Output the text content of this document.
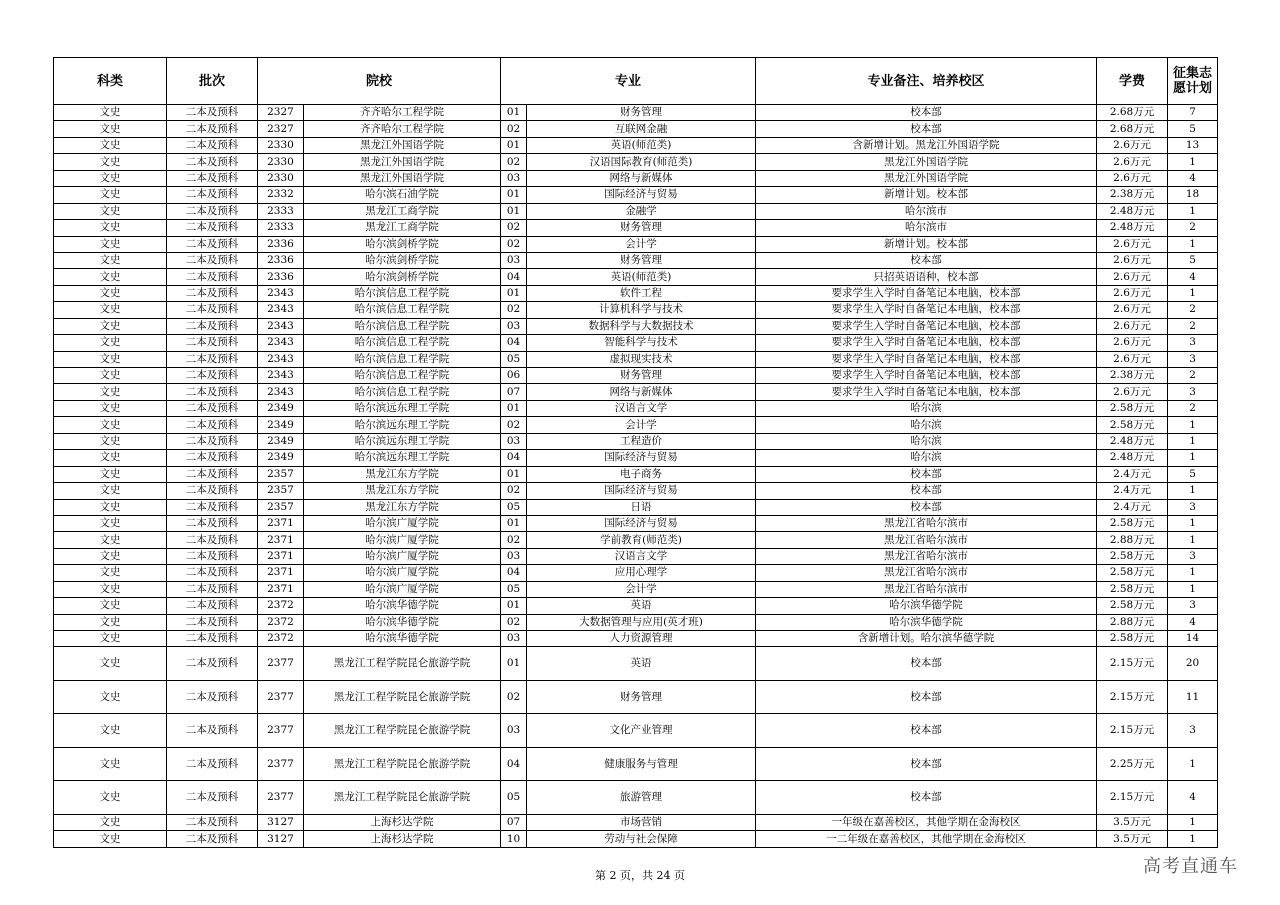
科类	批次	院校		专业		专业备注、培养校区	学费	征集志愿计划
文史	二本及预科	2327	齐齐哈尔工程学院	01	财务管理	校本部	2.68万元	7
文史	二本及预科	2327	齐齐哈尔工程学院	02	互联网金融	校本部	2.68万元	5
文史	二本及预科	2330	黑龙江外国语学院	01	英语(师范类)	含新增计划。黑龙江外国语学院	2.6万元	13
文史	二本及预科	2330	黑龙江外国语学院	02	汉语国际教育(师范类)	黑龙江外国语学院	2.6万元	1
文史	二本及预科	2330	黑龙江外国语学院	03	网络与新媒体	黑龙江外国语学院	2.6万元	4
文史	二本及预科	2332	哈尔滨石油学院	01	国际经济与贸易	新增计划。校本部	2.38万元	18
文史	二本及预科	2333	黑龙江工商学院	01	金融学	哈尔滨市	2.48万元	1
文史	二本及预科	2333	黑龙江工商学院	02	财务管理	哈尔滨市	2.48万元	2
文史	二本及预科	2336	哈尔滨剑桥学院	02	会计学	新增计划。校本部	2.6万元	1
文史	二本及预科	2336	哈尔滨剑桥学院	03	财务管理	校本部	2.6万元	5
文史	二本及预科	2336	哈尔滨剑桥学院	04	英语(师范类)	只招英语语种，校本部	2.6万元	4
文史	二本及预科	2343	哈尔滨信息工程学院	01	软件工程	要求学生入学时自备笔记本电脑，校本部	2.6万元	1
文史	二本及预科	2343	哈尔滨信息工程学院	02	计算机科学与技术	要求学生入学时自备笔记本电脑，校本部	2.6万元	2
文史	二本及预科	2343	哈尔滨信息工程学院	03	数据科学与大数据技术	要求学生入学时自备笔记本电脑，校本部	2.6万元	2
文史	二本及预科	2343	哈尔滨信息工程学院	04	智能科学与技术	要求学生入学时自备笔记本电脑，校本部	2.6万元	3
文史	二本及预科	2343	哈尔滨信息工程学院	05	虚拟现实技术	要求学生入学时自备笔记本电脑，校本部	2.6万元	3
文史	二本及预科	2343	哈尔滨信息工程学院	06	财务管理	要求学生入学时自备笔记本电脑，校本部	2.38万元	2
文史	二本及预科	2343	哈尔滨信息工程学院	07	网络与新媒体	要求学生入学时自备笔记本电脑，校本部	2.6万元	3
文史	二本及预科	2349	哈尔滨远东理工学院	01	汉语言文学	哈尔滨	2.58万元	2
文史	二本及预科	2349	哈尔滨远东理工学院	02	会计学	哈尔滨	2.58万元	1
文史	二本及预科	2349	哈尔滨远东理工学院	03	工程造价	哈尔滨	2.48万元	1
文史	二本及预科	2349	哈尔滨远东理工学院	04	国际经济与贸易	哈尔滨	2.48万元	1
文史	二本及预科	2357	黑龙江东方学院	01	电子商务	校本部	2.4万元	5
文史	二本及预科	2357	黑龙江东方学院	02	国际经济与贸易	校本部	2.4万元	1
文史	二本及预科	2357	黑龙江东方学院	05	日语	校本部	2.4万元	3
文史	二本及预科	2371	哈尔滨广厦学院	01	国际经济与贸易	黑龙江省哈尔滨市	2.58万元	1
文史	二本及预科	2371	哈尔滨广厦学院	02	学前教育(师范类)	黑龙江省哈尔滨市	2.88万元	1
文史	二本及预科	2371	哈尔滨广厦学院	03	汉语言文学	黑龙江省哈尔滨市	2.58万元	3
文史	二本及预科	2371	哈尔滨广厦学院	04	应用心理学	黑龙江省哈尔滨市	2.58万元	1
文史	二本及预科	2371	哈尔滨广厦学院	05	会计学	黑龙江省哈尔滨市	2.58万元	1
文史	二本及预科	2372	哈尔滨华德学院	01	英语	哈尔滨华德学院	2.58万元	3
文史	二本及预科	2372	哈尔滨华德学院	02	大数据管理与应用(英才班)	哈尔滨华德学院	2.88万元	4
文史	二本及预科	2372	哈尔滨华德学院	03	人力资源管理	含新增计划。哈尔滨华德学院	2.58万元	14
文史	二本及预科	2377	黑龙江工程学院昆仑旅游学院	01	英语	校本部	2.15万元	20
文史	二本及预科	2377	黑龙江工程学院昆仑旅游学院	02	财务管理	校本部	2.15万元	11
文史	二本及预科	2377	黑龙江工程学院昆仑旅游学院	03	文化产业管理	校本部	2.15万元	3
文史	二本及预科	2377	黑龙江工程学院昆仑旅游学院	04	健康服务与管理	校本部	2.25万元	1
文史	二本及预科	2377	黑龙江工程学院昆仑旅游学院	05	旅游管理	校本部	2.15万元	4
文史	二本及预科	3127	上海杉达学院	07	市场营销	一年级在嘉善校区，其他学期在金海校区	3.5万元	1
文史	二本及预科	3127	上海杉达学院	10	劳动与社会保障	一二年级在嘉善校区，其他学期在金海校区	3.5万元	1
第 2 页，共 24 页	高考直通车
